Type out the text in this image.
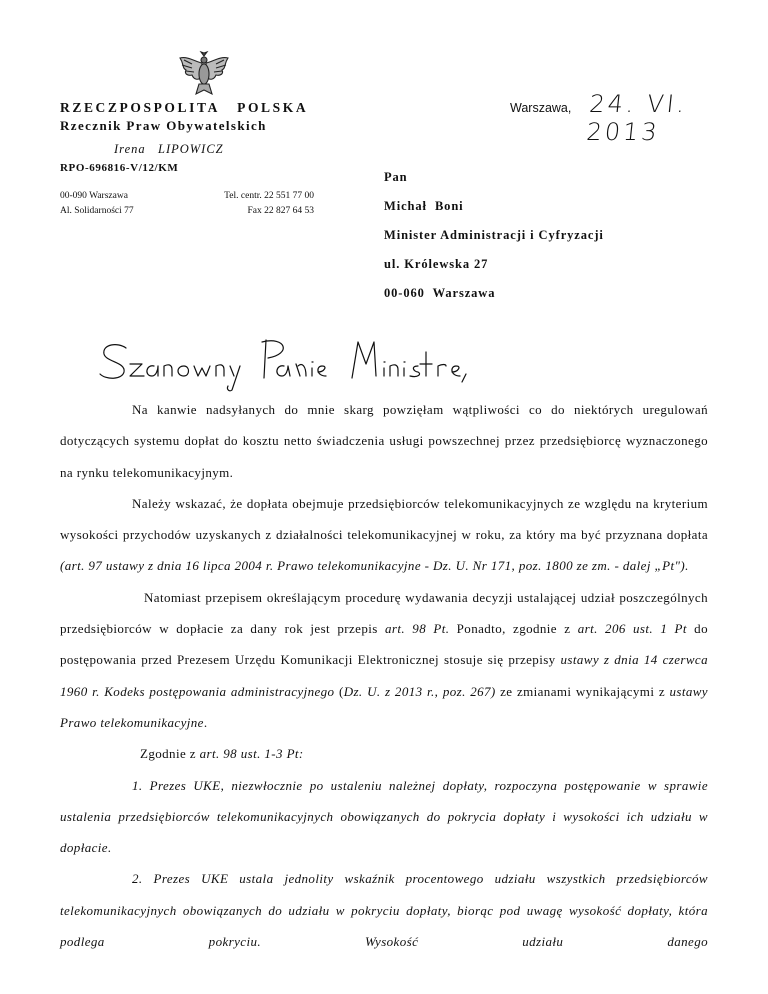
RZECZPOSPOLITA   POLSKA
Rzecznik Praw Obywatelskich
Irena   LIPOWICZ
RPO-696816-V/12/KM
00-090 Warszawa
Al. Solidarności 77
Tel. centr. 22 551 77 00
Fax 22 827 64 53
Warszawa, 24. VI. 2013
Pan
Michał  Boni
Minister Administracji i Cyfryzacji
ul. Królewska 27
00-060  Warszawa

Na kanwie nadsyłanych do mnie skarg powzięłam wątpliwości co do niektórych uregulowań dotyczących systemu dopłat do kosztu netto świadczenia usługi powszechnej przez przedsiębiorcę wyznaczonego na rynku telekomunikacyjnym.

Należy wskazać, że dopłata obejmuje przedsiębiorców telekomunikacyjnych ze względu na kryterium wysokości przychodów uzyskanych z działalności telekomunikacyjnej w roku, za który ma być przyznana dopłata (art. 97 ustawy z dnia 16 lipca 2004 r. Prawo telekomunikacyjne - Dz. U. Nr 171, poz. 1800 ze zm. - dalej „Pt").

Natomiast przepisem określającym procedurę wydawania decyzji ustalającej udział poszczególnych przedsiębiorców w dopłacie za dany rok jest przepis art. 98 Pt. Ponadto, zgodnie z art. 206 ust. 1 Pt do postępowania przed Prezesem Urzędu Komunikacji Elektronicznej stosuje się przepisy ustawy z dnia 14 czerwca 1960 r. Kodeks postępowania administracyjnego (Dz. U. z 2013 r., poz. 267) ze zmianami wynikającymi z ustawy Prawo telekomunikacyjne.

Zgodnie z art. 98 ust. 1-3 Pt:

1. Prezes UKE, niezwłocznie po ustaleniu należnej dopłaty, rozpoczyna postępowanie w sprawie ustalenia przedsiębiorców telekomunikacyjnych obowiązanych do pokrycia dopłaty i wysokości ich udziału w dopłacie.

2. Prezes UKE ustala jednolity wskaźnik procentowego udziału wszystkich przedsiębiorców telekomunikacyjnych obowiązanych do udziału w pokryciu dopłaty, biorąc pod uwagę wysokość dopłaty, która podlega pokryciu. Wysokość udziału danego
